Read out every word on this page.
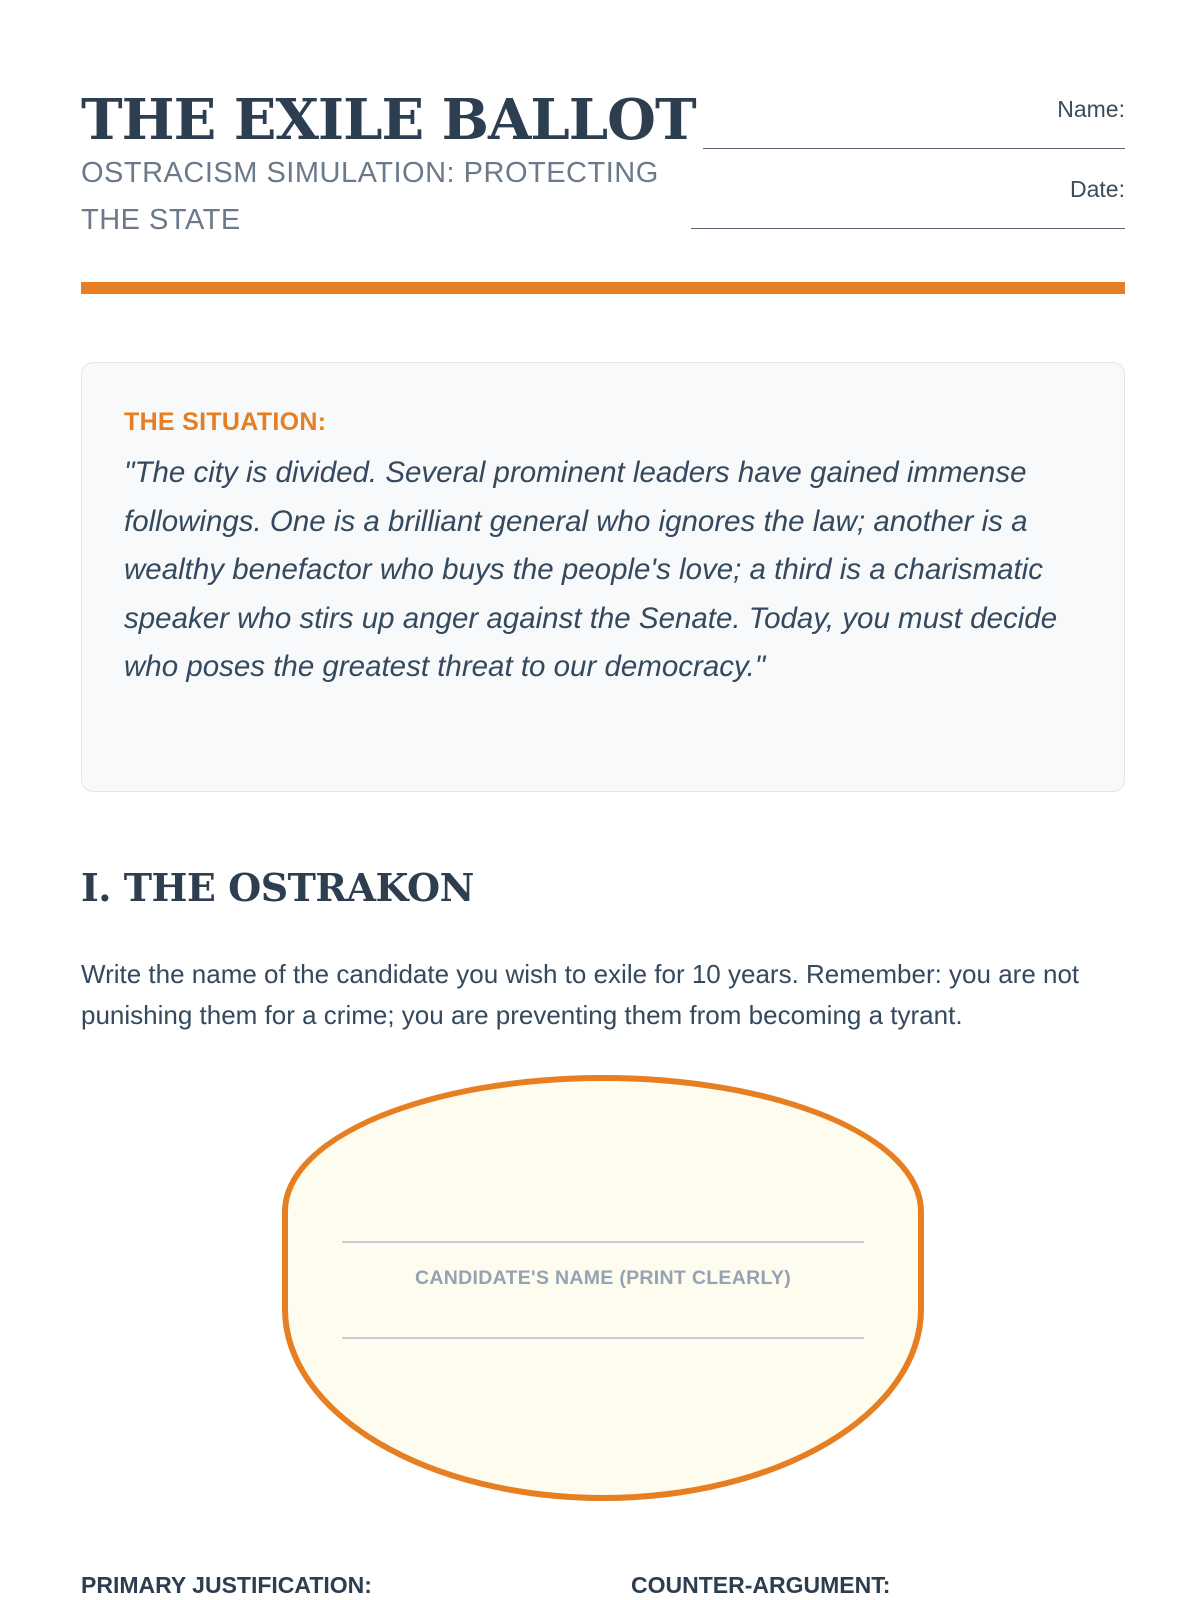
THE EXILE BALLOT

OSTRACISM SIMULATION: PROTECTING THE STATE

Name:
Date:
THE SITUATION:

"The city is divided. Several prominent leaders have gained immense followings. One is a brilliant general who ignores the law; another is a wealthy benefactor who buys the people's love; a third is a charismatic speaker who stirs up anger against the Senate. Today, you must decide who poses the greatest threat to our democracy."

I. THE OSTRAKON

Write the name of the candidate you wish to exile for 10 years. Remember: you are not punishing them for a crime; you are preventing them from becoming a tyrant.

CANDIDATE'S NAME (PRINT CLEARLY)
PRIMARY JUSTIFICATION:	COUNTER-ARGUMENT:
